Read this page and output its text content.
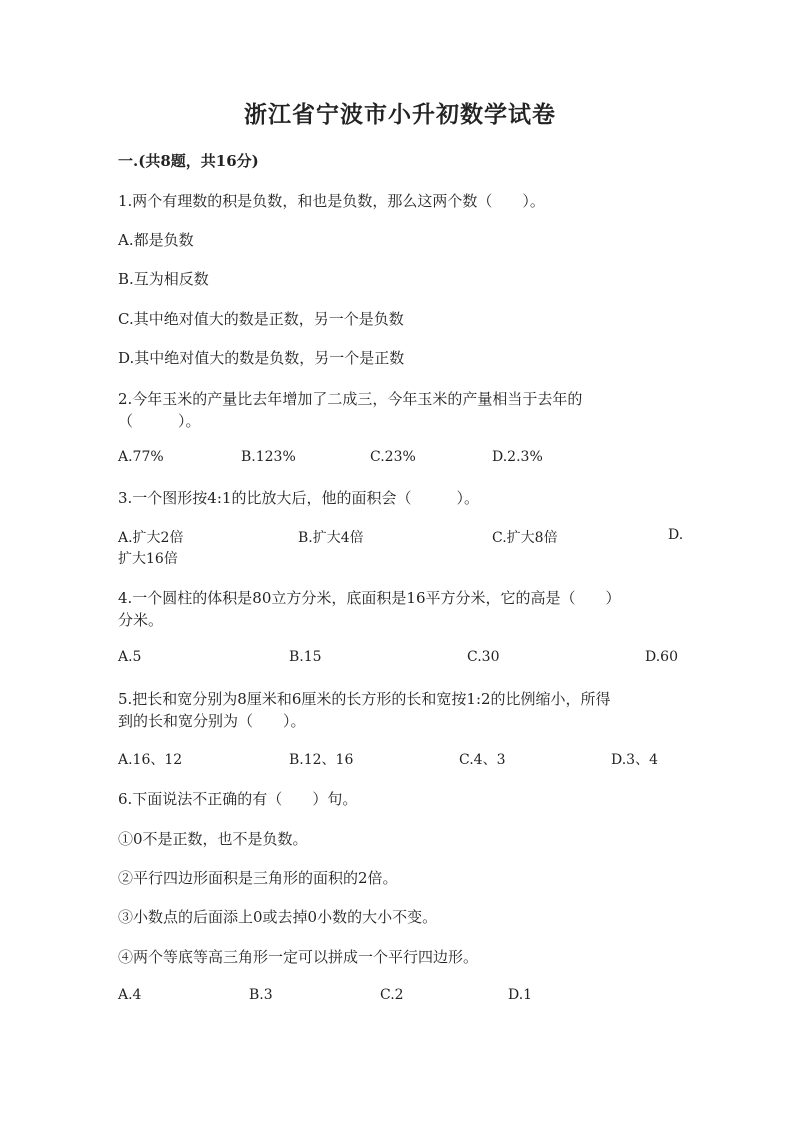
浙江省宁波市小升初数学试卷
一.(共8题，共16分)
1.两个有理数的积是负数，和也是负数，那么这两个数（　　）。
A.都是负数
B.互为相反数
C.其中绝对值大的数是正数，另一个是负数
D.其中绝对值大的数是负数，另一个是正数
2.今年玉米的产量比去年增加了二成三，今年玉米的产量相当于去年的
（　　　）。
A.77%	B.123%	C.23%	D.2.3%
3.一个图形按4:1的比放大后，他的面积会（　　　）。
A.扩大2倍	B.扩大4倍	C.扩大8倍	D.
扩大16倍
4.一个圆柱的体积是80立方分米，底面积是16平方分米，它的高是（　　）
分米。
A.5	B.15	C.30	D.60
5.把长和宽分别为8厘米和6厘米的长方形的长和宽按1:2的比例缩小，所得
到的长和宽分别为（　　）。
A.16、12	B.12、16	C.4、3	D.3、4
6.下面说法不正确的有（　　）句。
①0不是正数，也不是负数。
②平行四边形面积是三角形的面积的2倍。
③小数点的后面添上0或去掉0小数的大小不变。
④两个等底等高三角形一定可以拼成一个平行四边形。
A.4	B.3	C.2	D.1
